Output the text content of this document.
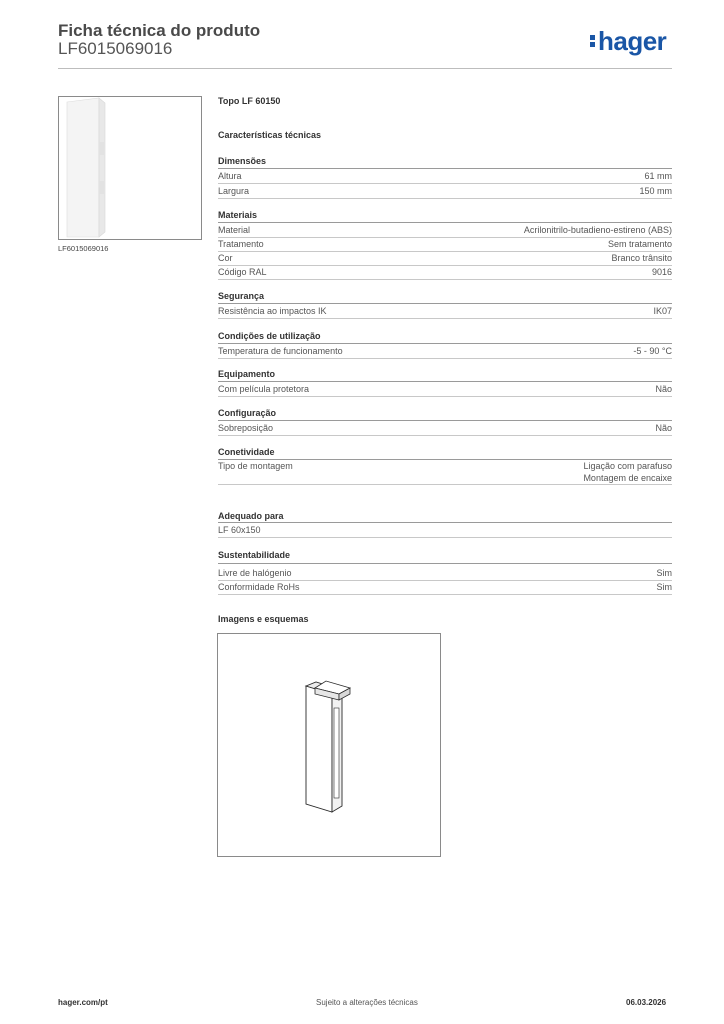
Ficha técnica do produto
LF6015069016	hager
LF6015069016
Topo LF 60150
Características técnicas
Dimensões
Altura	61 mm
Largura	150 mm
Materiais
Material	Acrilonitrilo-butadieno-estireno (ABS)
Tratamento	Sem tratamento
Cor	Branco trânsito
Código RAL	9016
Segurança
Resistência ao impactos IK	IK07
Condições de utilização
Temperatura de funcionamento	-5 - 90 °C
Equipamento
Com película protetora	Não
Configuração
Sobreposição	Não
Conetividade
Tipo de montagem	Ligação com parafuso
Montagem de encaixe
Adequado para
LF 60x150
Sustentabilidade
Livre de halógenio	Sim
Conformidade RoHs	Sim
Imagens e esquemas
hager.com/pt	Sujeito a alterações técnicas	06.03.2026
